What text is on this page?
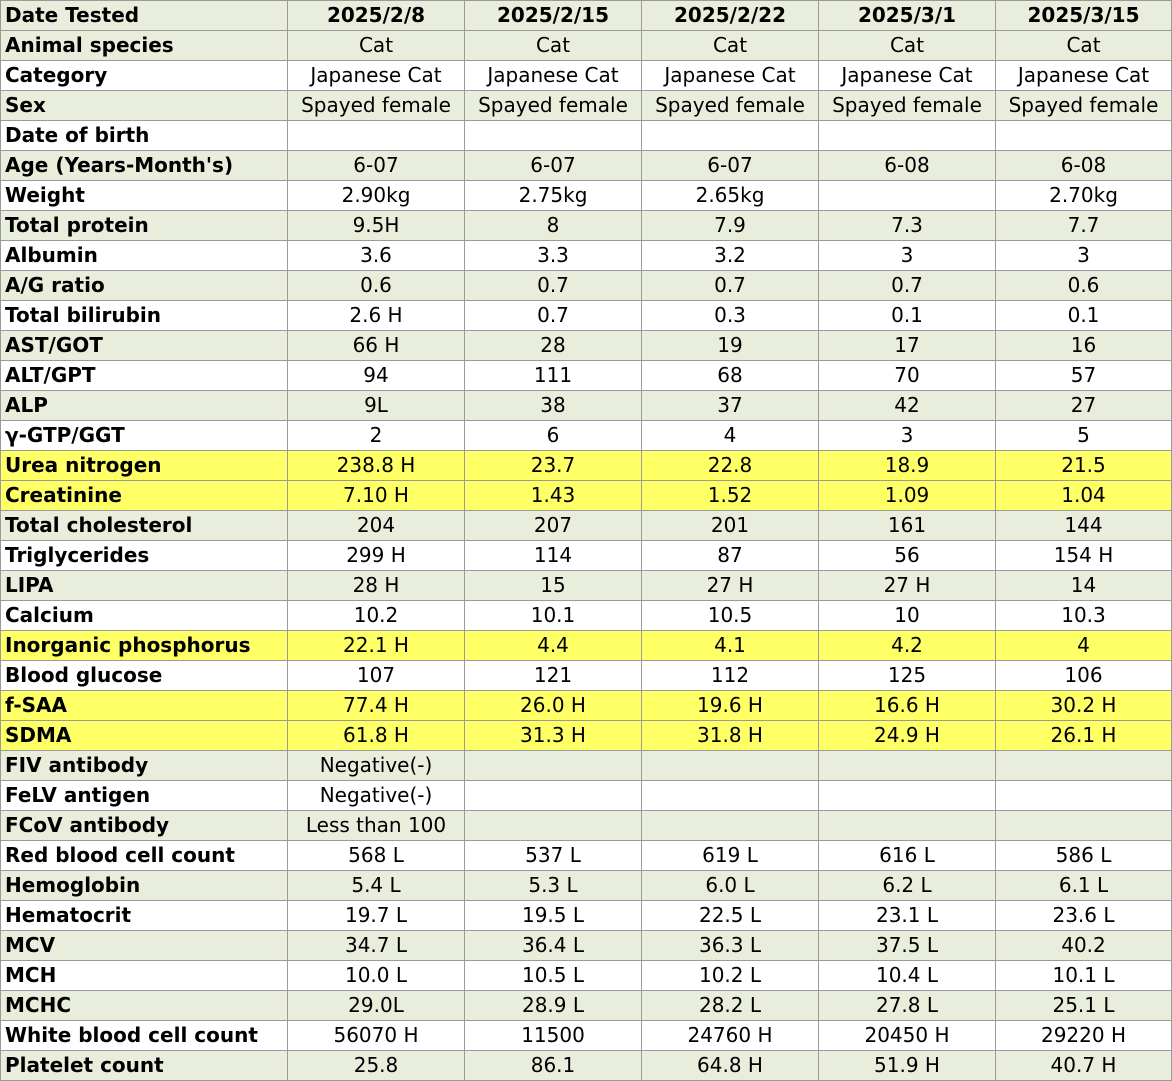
Date Tested	2025/2/8	2025/2/15	2025/2/22	2025/3/1	2025/3/15
Animal species	Cat	Cat	Cat	Cat	Cat
Category	Japanese Cat	Japanese Cat	Japanese Cat	Japanese Cat	Japanese Cat
Sex	Spayed female	Spayed female	Spayed female	Spayed female	Spayed female
Date of birth					
Age (Years-Month's)	6-07	6-07	6-07	6-08	6-08
Weight	2.90kg	2.75kg	2.65kg		2.70kg
Total protein	9.5H	8	7.9	7.3	7.7
Albumin	3.6	3.3	3.2	3	3
A/G ratio	0.6	0.7	0.7	0.7	0.6
Total bilirubin	2.6 H	0.7	0.3	0.1	0.1
AST/GOT	66 H	28	19	17	16
ALT/GPT	94	111	68	70	57
ALP	9L	38	37	42	27
γ-GTP/GGT	2	6	4	3	5
Urea nitrogen	238.8 H	23.7	22.8	18.9	21.5
Creatinine	7.10 H	1.43	1.52	1.09	1.04
Total cholesterol	204	207	201	161	144
Triglycerides	299 H	114	87	56	154 H
LIPA	28 H	15	27 H	27 H	14
Calcium	10.2	10.1	10.5	10	10.3
Inorganic phosphorus	22.1 H	4.4	4.1	4.2	4
Blood glucose	107	121	112	125	106
f-SAA	77.4 H	26.0 H	19.6 H	16.6 H	30.2 H
SDMA	61.8 H	31.3 H	31.8 H	24.9 H	26.1 H
FIV antibody	Negative(-)				
FeLV antigen	Negative(-)				
FCoV antibody	Less than 100				
Red blood cell count	568 L	537 L	619 L	616 L	586 L
Hemoglobin	5.4 L	5.3 L	6.0 L	6.2 L	6.1 L
Hematocrit	19.7 L	19.5 L	22.5 L	23.1 L	23.6 L
MCV	34.7 L	36.4 L	36.3 L	37.5 L	40.2
MCH	10.0 L	10.5 L	10.2 L	10.4 L	10.1 L
MCHC	29.0L	28.9 L	28.2 L	27.8 L	25.1 L
White blood cell count	56070 H	11500	24760 H	20450 H	29220 H
Platelet count	25.8	86.1	64.8 H	51.9 H	40.7 H
